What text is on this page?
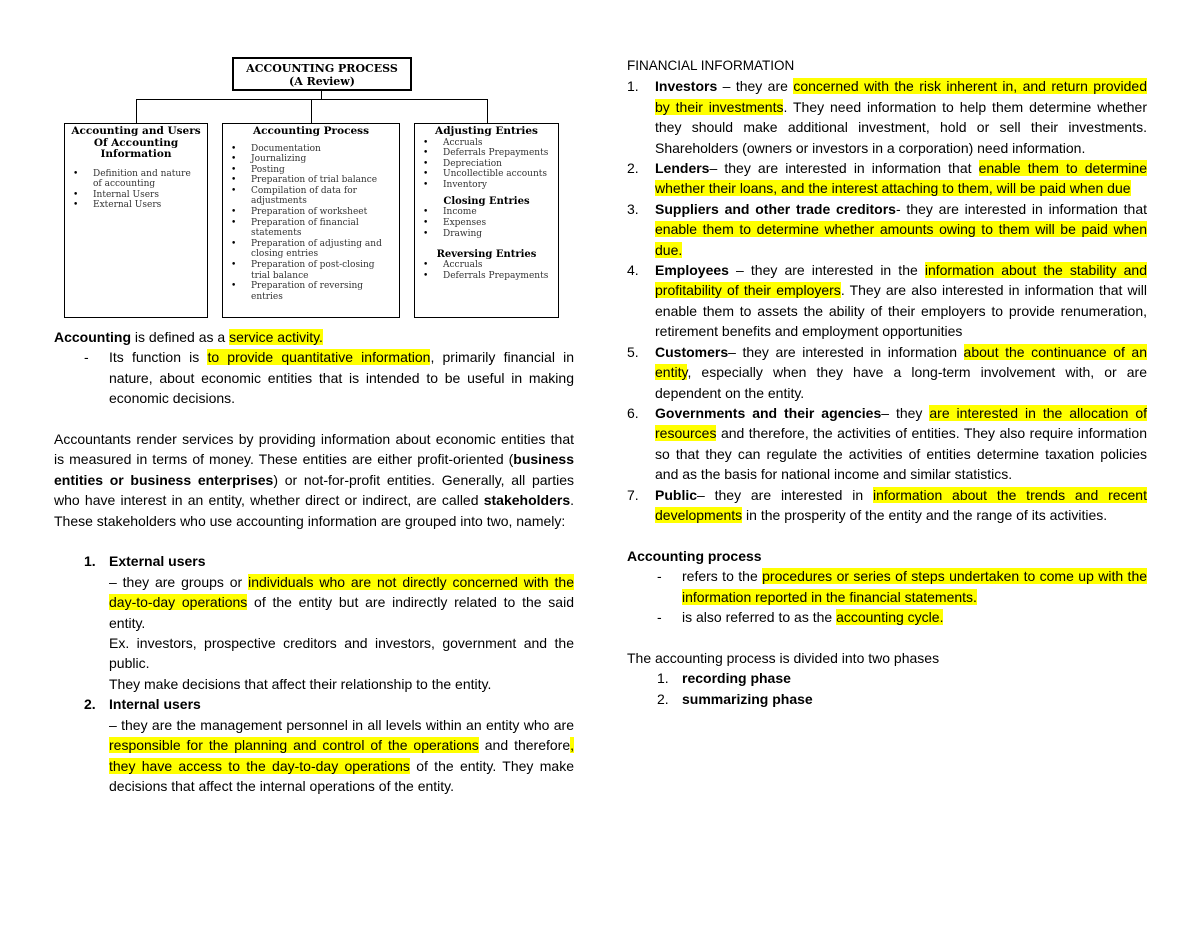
ACCOUNTING PROCESS
(A Review)
Accounting and Users Of Accounting Information
• Definition and nature of accounting
• Internal Users
• External Users
Accounting Process
• Documentation
• Journalizing
• Posting
• Preparation of trial balance
• Compilation of data for adjustments
• Preparation of worksheet
• Preparation of financial statements
• Preparation of adjusting and closing entries
• Preparation of post-closing trial balance
• Preparation of reversing entries
Adjusting Entries
• Accruals
• Deferrals Prepayments
• Depreciation
• Uncollectible accounts
• Inventory
Closing Entries
• Income
• Expenses
• Drawing
Reversing Entries
• Accruals
• Deferrals Prepayments

Accounting is defined as a service activity.

- Its function is to provide quantitative information, primarily financial in nature, about economic entities that is intended to be useful in making economic decisions.

Accountants render services by providing information about economic entities that is measured in terms of money. These entities are either profit-oriented (business entities or business enterprises) or not-for-profit entities. Generally, all parties who have interest in an entity, whether direct or indirect, are called stakeholders. These stakeholders who use accounting information are grouped into two, namely:

1. External users

– they are groups or individuals who are not directly concerned with the day-to-day operations of the entity but are indirectly related to the said entity.

Ex. investors, prospective creditors and investors, government and the public.

They make decisions that affect their relationship to the entity.

2. Internal users

– they are the management personnel in all levels within an entity who are responsible for the planning and control of the operations and therefore, they have access to the day-to-day operations of the entity. They make decisions that affect the internal operations of the entity.

FINANCIAL INFORMATION

1. Investors – they are concerned with the risk inherent in, and return provided by their investments. They need information to help them determine whether they should make additional investment, hold or sell their investments. Shareholders (owners or investors in a corporation) need information.

2. Lenders– they are interested in information that enable them to determine whether their loans, and the interest attaching to them, will be paid when due

3. Suppliers and other trade creditors- they are interested in information that enable them to determine whether amounts owing to them will be paid when due.

4. Employees – they are interested in the information about the stability and profitability of their employers. They are also interested in information that will enable them to assets the ability of their employers to provide renumeration, retirement benefits and employment opportunities

5. Customers– they are interested in information about the continuance of an entity, especially when they have a long-term involvement with, or are dependent on the entity.

6. Governments and their agencies– they are interested in the allocation of resources and therefore, the activities of entities. They also require information so that they can regulate the activities of entities determine taxation policies and as the basis for national income and similar statistics.

7. Public– they are interested in information about the trends and recent developments in the prosperity of the entity and the range of its activities.

Accounting process

- refers to the procedures or series of steps undertaken to come up with the information reported in the financial statements.

- is also referred to as the accounting cycle.

The accounting process is divided into two phases

1. recording phase

2. summarizing phase
